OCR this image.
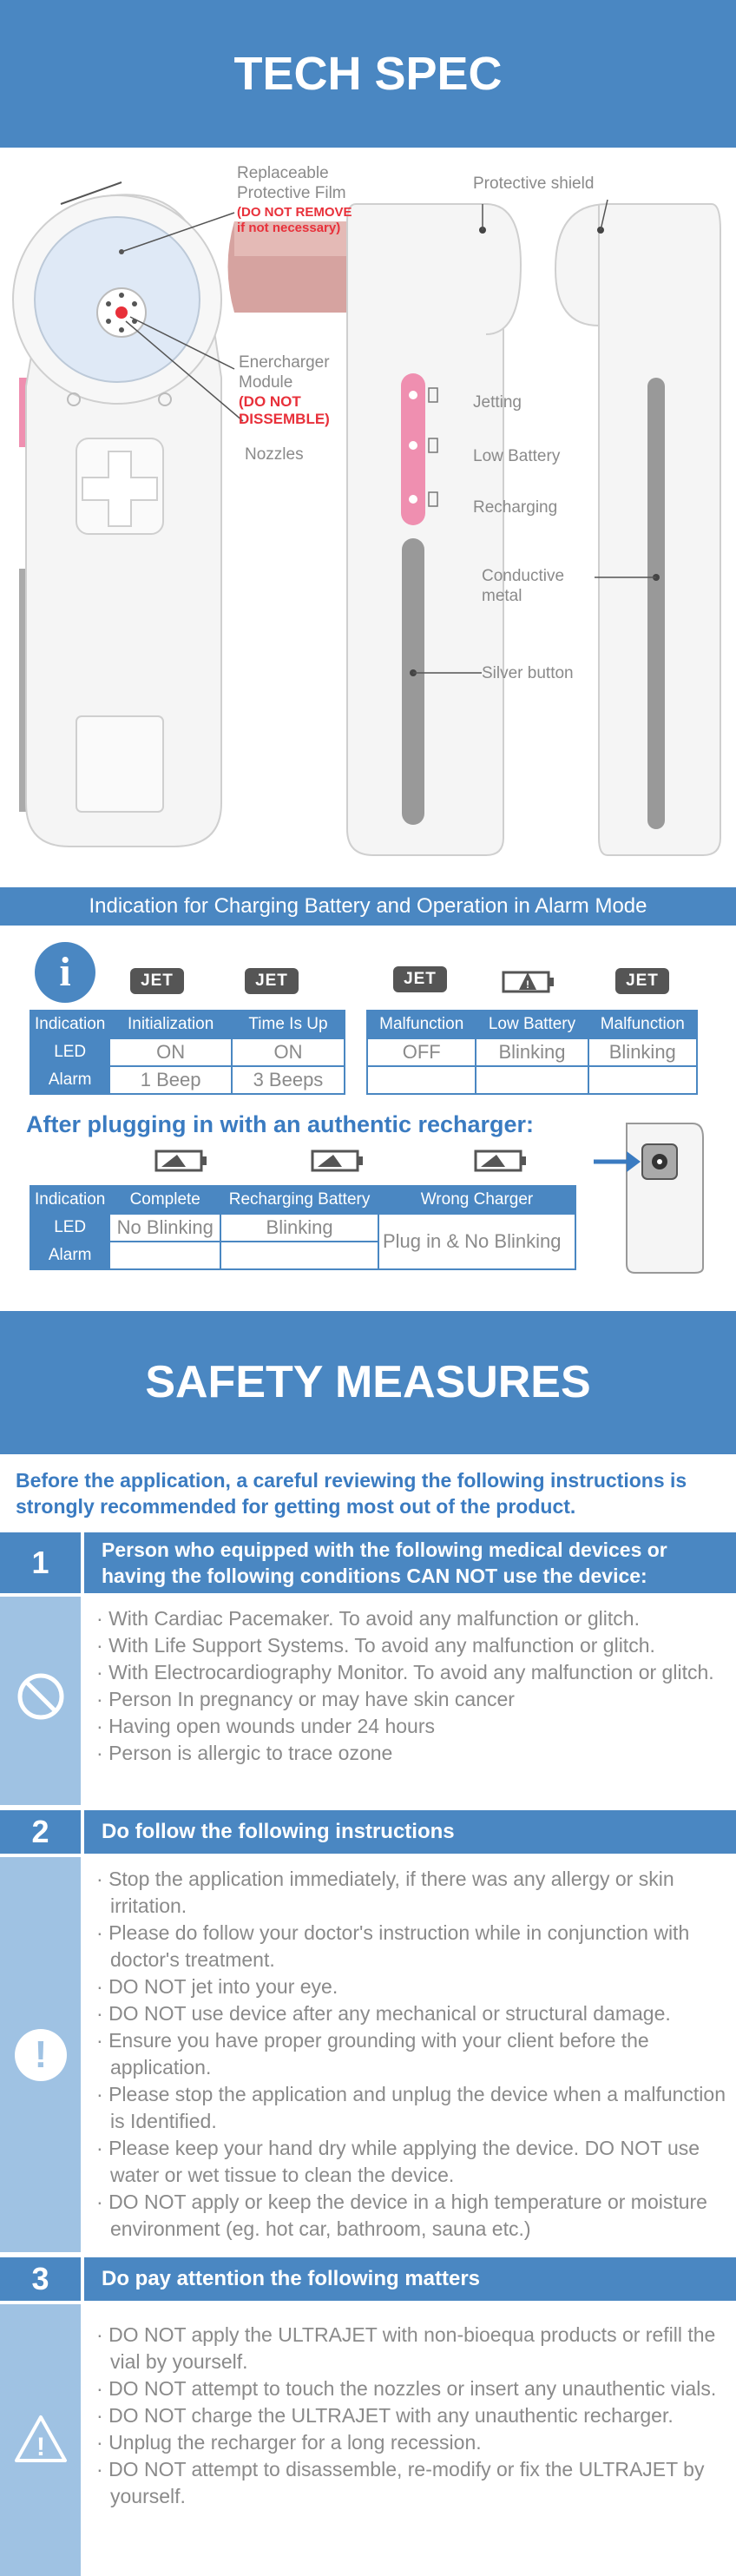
TECH SPEC
Replaceable Protective Film
(DO NOT REMOVE if not necessary)
Enercharger Module
(DO NOT DISSEMBLE)
Nozzles
Protective shield
Jetting
Low Battery
Recharging
Conductive metal
Silver button
Indication for Charging Battery and Operation in Alarm Mode
i	JET	JET	JET	JET
!
Indication	Initialization	Time Is Up
LED	ON	ON
Alarm	1 Beep	3 Beeps
Malfunction	Low Battery	Malfunction
OFF	Blinking	Blinking

After plugging in with an authentic recharger:
Indication	Complete	Recharging Battery	Wrong Charger
LED	No Blinking	Blinking	Plug in & No Blinking
Alarm			
SAFETY MEASURES
Before the application, a careful reviewing the following instructions is strongly recommended for getting most out of the product.
1	Person who equipped with the following medical devices or having the following conditions CAN NOT use the device:
· With Cardiac Pacemaker. To avoid any malfunction or glitch.
· With Life Support Systems. To avoid any malfunction or glitch.
· With Electrocardiography Monitor. To avoid any malfunction or glitch.
· Person In pregnancy or may have skin cancer
· Having open wounds under 24 hours
· Person is allergic to trace ozone
2	Do follow the following instructions
!
· Stop the application immediately, if there was any allergy or skin irritation.
· Please do follow your doctor's instruction while in conjunction with doctor's treatment.
· DO NOT jet into your eye.
· DO NOT use device after any mechanical or structural damage.
· Ensure you have proper grounding with your client before the application.
· Please stop the application and unplug the device when a malfunction is Identified.
· Please keep your hand dry while applying the device. DO NOT use water or wet tissue to clean the device.
· DO NOT apply or keep the device in a high temperature or moisture environment (eg. hot car, bathroom, sauna etc.)
3	Do pay attention the following matters
!
· DO NOT apply the ULTRAJET with non-bioequa products or refill the vial by yourself.
· DO NOT attempt to touch the nozzles or insert any unauthentic vials.
· DO NOT charge the ULTRAJET with any unauthentic recharger.
· Unplug the recharger for a long recession.
· DO NOT attempt to disassemble, re-modify or fix the ULTRAJET by yourself.
